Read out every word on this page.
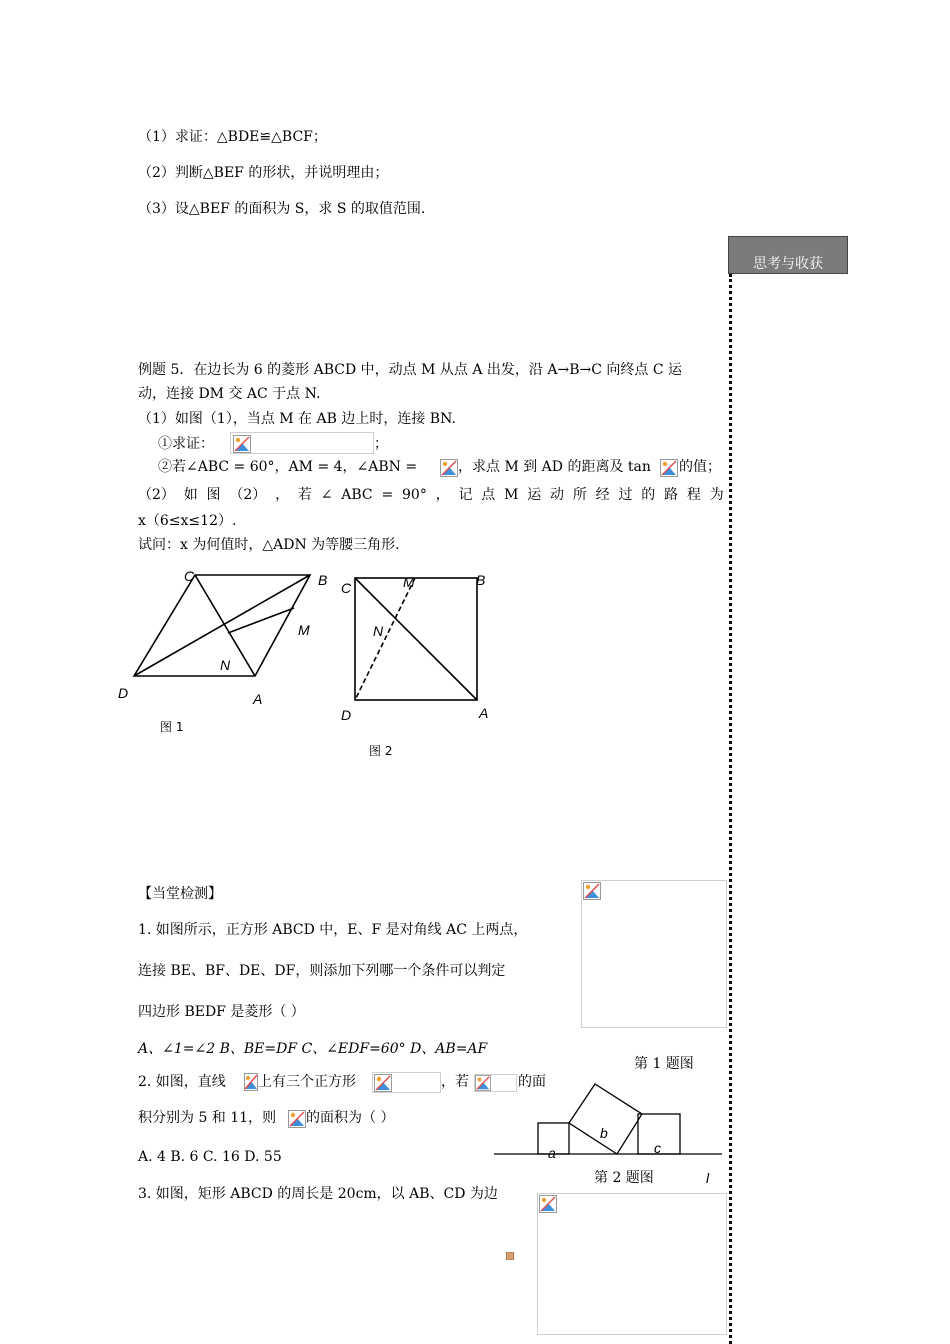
（1）求证：△BDE≌△BCF；
（2）判断△BEF 的形状，并说明理由；
（3）设△BEF 的面积为 S，求 S 的取值范围.
思考与收获
例题 5．在边长为 6 的菱形 ABCD 中，动点 M 从点 A 出发，沿 A→B→C 向终点 C 运
动，连接 DM 交 AC 于点 N.
（1）如图（1），当点 M 在 AB 边上时，连接 BN.
①求证：	；
②若∠ABC = 60°，AM = 4，∠ABN =	，求点 M 到 AD 的距离及 tan 的值；
（2） 如 图 （2） ， 若 ∠ ABC = 90° ， 记 点 M 运 动 所 经 过 的 路 程 为
x（6≤x≤12）.
试问：x 为何值时，△ADN 为等腰三角形.
C	B
M
N
D	A
图 1
C	M	B
N
D	A
图 2
【当堂检测】
1. 如图所示，正方形 ABCD 中，E、F 是对角线 AC 上两点，
连接 BE、BF、DE、DF，则添加下列哪一个条件可以判定
四边形 BEDF 是菱形（ ）
A、∠1=∠2 B、BE=DF C、∠EDF=60° D、AB=AF
第 1 题图
2. 如图，直线 上有三个正方形	，若	的面
积分别为 5 和 11，则 的面积为（ ）
A. 4 B. 6 C. 16 D. 55	a
b
c
l
第 2 题图
3. 如图，矩形 ABCD 的周长是 20cm，以 AB、CD 为边
